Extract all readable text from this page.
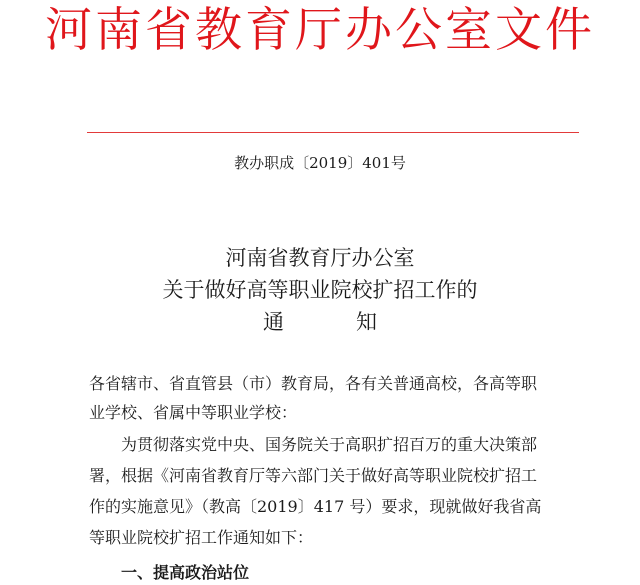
河南省教育厅办公室文件
教办职成〔2019〕401号
河南省教育厅办公室
关于做好高等职业院校扩招工作的
通	知
各省辖市、省直管县（市）教育局，各有关普通高校，各高等职
业学校、省属中等职业学校：
为贯彻落实党中央、国务院关于高职扩招百万的重大决策部
署，根据《河南省教育厅等六部门关于做好高等职业院校扩招工
作的实施意见》（教高〔2019〕417 号）要求，现就做好我省高
等职业院校扩招工作通知如下：
一、提高政治站位
